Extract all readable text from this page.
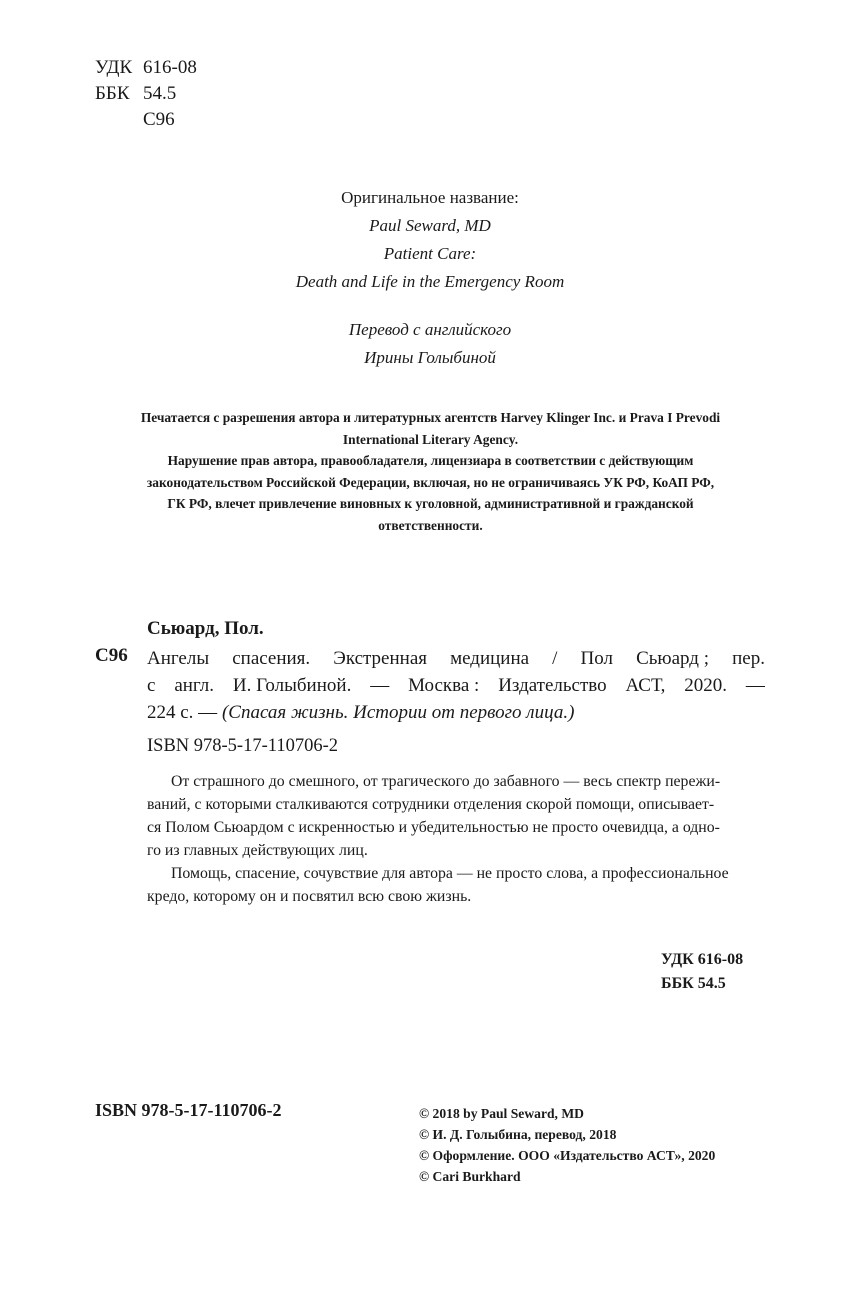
УДК 616-08
ББК 54.5
С96
Оригинальное название:
Paul Seward, MD
Patient Care:
Death and Life in the Emergency Room
Перевод с английского
Ирины Голыбиной
Печатается с разрешения автора и литературных агентств Harvey Klinger Inc. и Prava I Prevodi
International Literary Agency.
Нарушение прав автора, правообладателя, лицензиара в соответствии с действующим
законодательством Российской Федерации, включая, но не ограничиваясь УК РФ, КоАП РФ,
ГК РФ, влечет привлечение виновных к уголовной, административной и гражданской
ответственности.
Сьюард, Пол.
С96 Ангелы спасения. Экстренная медицина / Пол Сьюард ; пер.
с англ. И. Голыбиной. — Москва : Издательство АСТ, 2020. —
224 с. — (Спасая жизнь. Истории от первого лица.)
ISBN 978-5-17-110706-2
От страшного до смешного, от трагического до забавного — весь спектр пережи-
ваний, с которыми сталкиваются сотрудники отделения скорой помощи, описывает-
ся Полом Сьюардом с искренностью и убедительностью не просто очевидца, а одно-
го из главных действующих лиц.
Помощь, спасение, сочувствие для автора — не просто слова, а профессиональное
кредо, которому он и посвятил всю свою жизнь.
УДК 616-08
ББК 54.5
ISBN 978-5-17-110706-2	© 2018 by Paul Seward, MD
© И. Д. Голыбина, перевод, 2018
© Оформление. ООО «Издательство АСТ», 2020
© Cari Burkhard
